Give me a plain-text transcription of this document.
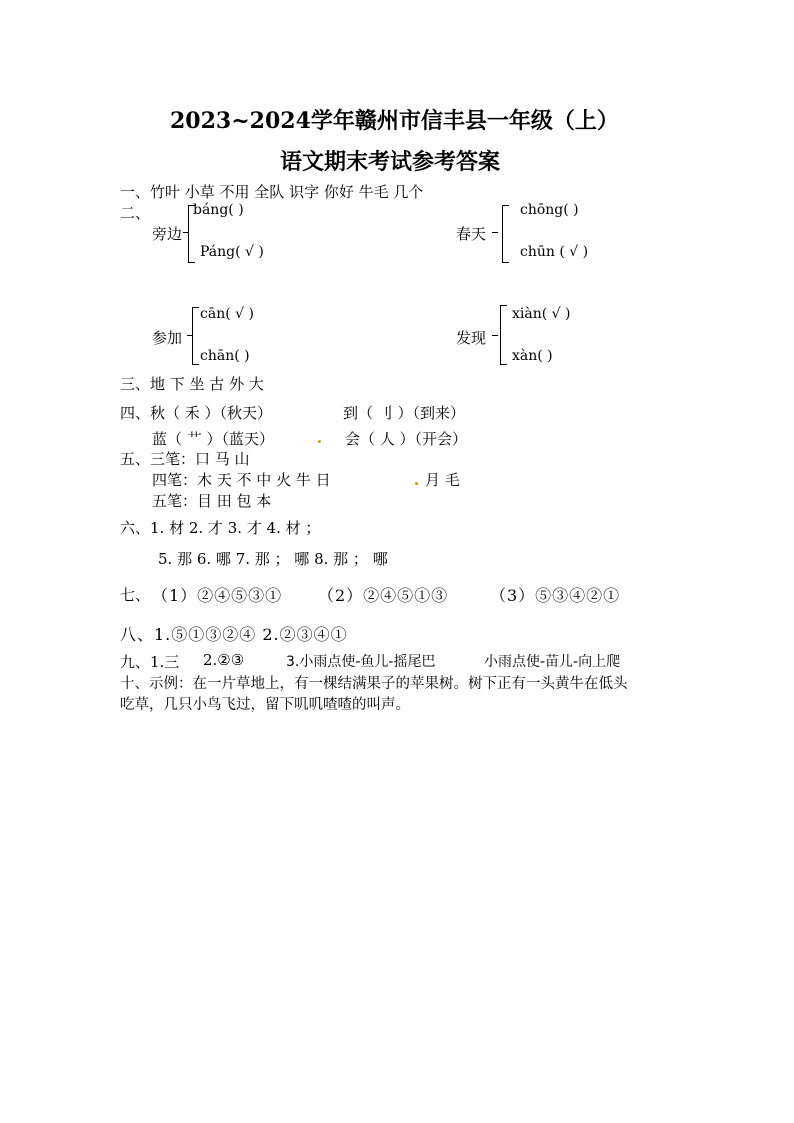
2023~2024学年赣州市信丰县一年级（上）
语文期末考试参考答案
一、竹叶 小草 不用 全队 识字 你好 牛毛 几个
二、
旁边
báng( )
Páng( √ )
春天
chōng( )
chūn ( √ )
参加
cān( √ )
chān( )
发现
xiàn( √ )
xàn( )
三、地 下 坐 古 外 大
四、秋（ 禾 ）（秋天）	到（ 刂 ）（到来）
蓝（ 艹 ）（蓝天）	会（ 人 ）（开会）
五、三笔：口 马 山
四笔：木 天 不 中 火 牛 日	月 毛
五笔：目 田 包 本
六、1. 材 2. 才 3. 才 4. 材 ；
5. 那 6. 哪 7. 那 ； 哪 8. 那 ； 哪
七、 （1）②④⑤③① （2）②④⑤①③	（3）⑤③④②①
八、1.⑤①③②④ 2.②③④①
九、1.三 2.②③	3.小雨点使-鱼儿-摇尾巴	小雨点使-苗儿-向上爬
十、示例：在一片草地上，有一棵结满果子的苹果树。树下正有一头黄牛在低头
吃草，几只小鸟飞过，留下叽叽喳喳的叫声。
